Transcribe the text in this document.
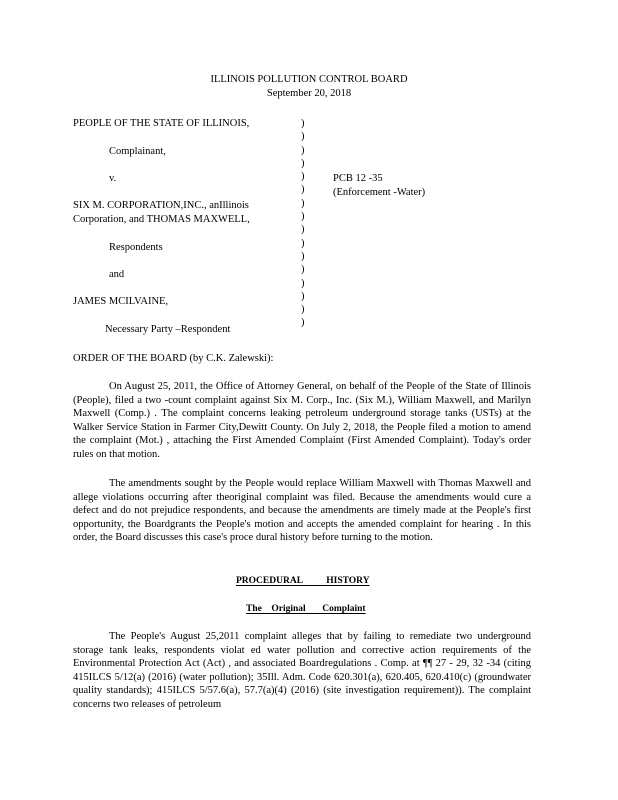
ILLINOIS POLLUTION CONTROL BOARD
September 20, 2018
PEOPLE OF THE STATE OF ILLINOIS,
Complainant,
v.
SIX M. CORPORATION,INC., anIllinois
Corporation, and THOMAS MAXWELL,
Respondents
and
JAMES MCILVAINE,
Necessary Party –Respondent
)
)
)
)
)
)
)
)
)
)
)
)
)
)
)
)
PCB 12 -35
(Enforcement -Water)
ORDER OF THE BOARD (by C.K. Zalewski):

On August 25, 2011, the Office of Attorney General, on behalf of the People of the State of Illinois (People), filed a two -count complaint against Six M. Corp., Inc. (Six M.), William Maxwell, and Marilyn Maxwell (Comp.) . The complaint concerns leaking petroleum underground storage tanks (USTs) at the Walker Service Station in Farmer City,Dewitt County. On July 2, 2018, the People filed a motion to amend the complaint (Mot.) , attaching the First Amended Complaint (First Amended Complaint). Today's order rules on that motion.

The amendments sought by the People would replace William Maxwell with Thomas Maxwell and allege violations occurring after theoriginal complaint was filed. Because the amendments would cure a defect and do not prejudice respondents, and because the amendments are timely made at the People's first opportunity, the Boardgrants the People's motion and accepts the amended complaint for hearing . In this order, the Board discusses this case's proce dural history before turning to the motion.

PROCEDURAL          HISTORY
The    Original       Complaint

The People's August 25,2011 complaint alleges that by failing to remediate two underground storage tank leaks, respondents violat ed water pollution and corrective action requirements of the Environmental Protection Act (Act) , and associated Boardregulations . Comp. at ¶¶ 27 - 29, 32 -34 (citing 415ILCS 5/12(a) (2016) (water pollution); 35Ill. Adm. Code 620.301(a), 620.405, 620.410(c) (groundwater quality standards); 415ILCS 5/57.6(a), 57.7(a)(4) (2016) (site investigation requirement)). The complaint concerns two releases of petroleum
